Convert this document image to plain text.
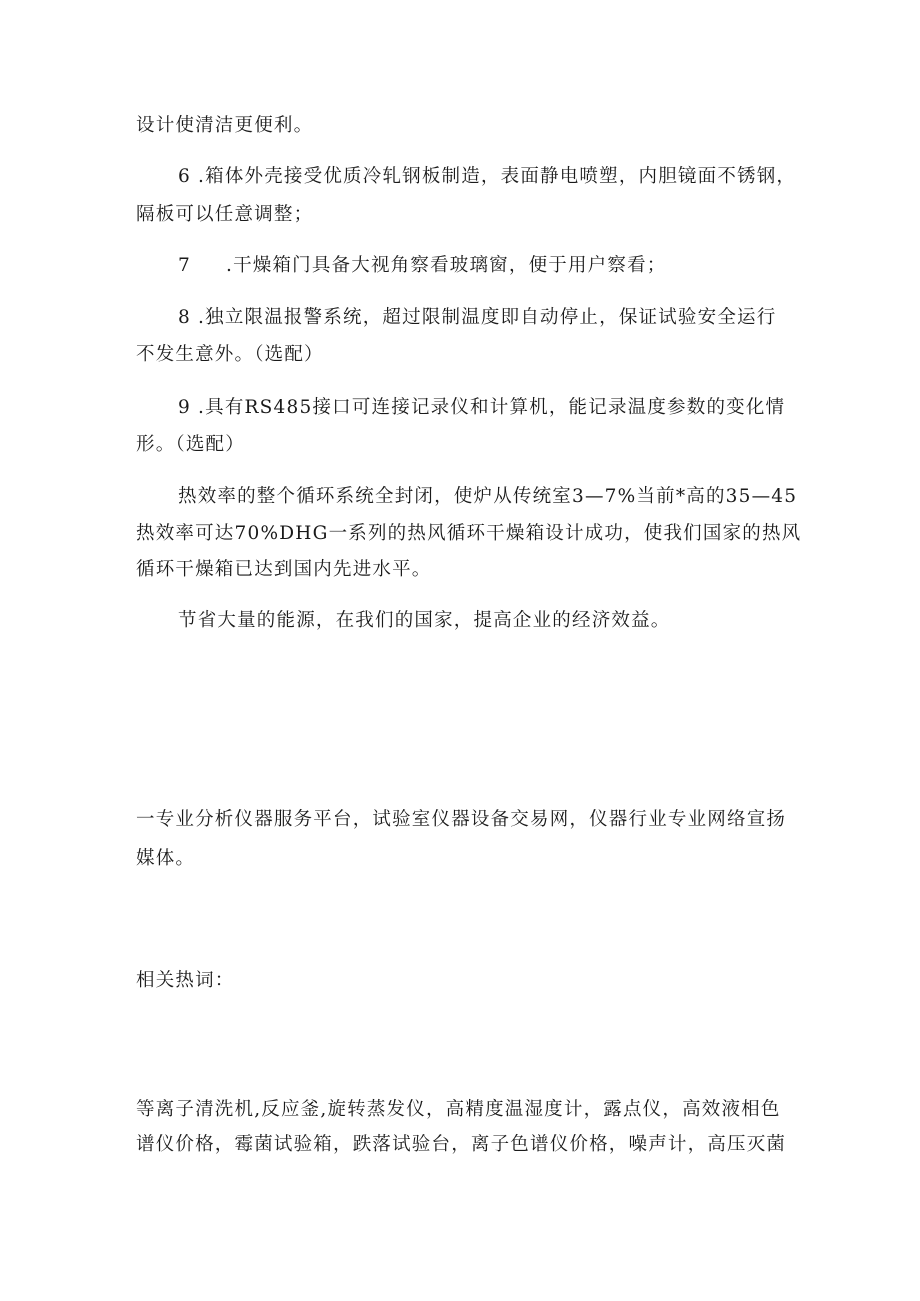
设计使清洁更便利。
6 .箱体外壳接受优质冷轧钢板制造，表面静电喷塑，内胆镜面不锈钢，
隔板可以任意调整；
7 .干燥箱门具备大视角察看玻璃窗，便于用户察看；
8 .独立限温报警系统，超过限制温度即自动停止，保证试验安全运行
不发生意外。（选配）
9 .具有RS485接口可连接记录仪和计算机，能记录温度参数的变化情
形。（选配）
热效率的整个循环系统全封闭，使炉从传统室3—7%当前*高的35—45
热效率可达70%DHG一系列的热风循环干燥箱设计成功，使我们国家的热风
循环干燥箱已达到国内先进水平。
节省大量的能源，在我们的国家，提高企业的经济效益。
一专业分析仪器服务平台，试验室仪器设备交易网，仪器行业专业网络宣扬
媒体。
相关热词：
等离子清洗机,反应釜,旋转蒸发仪，高精度温湿度计，露点仪，高效液相色
谱仪价格，霉菌试验箱，跌落试验台，离子色谱仪价格，噪声计，高压灭菌
